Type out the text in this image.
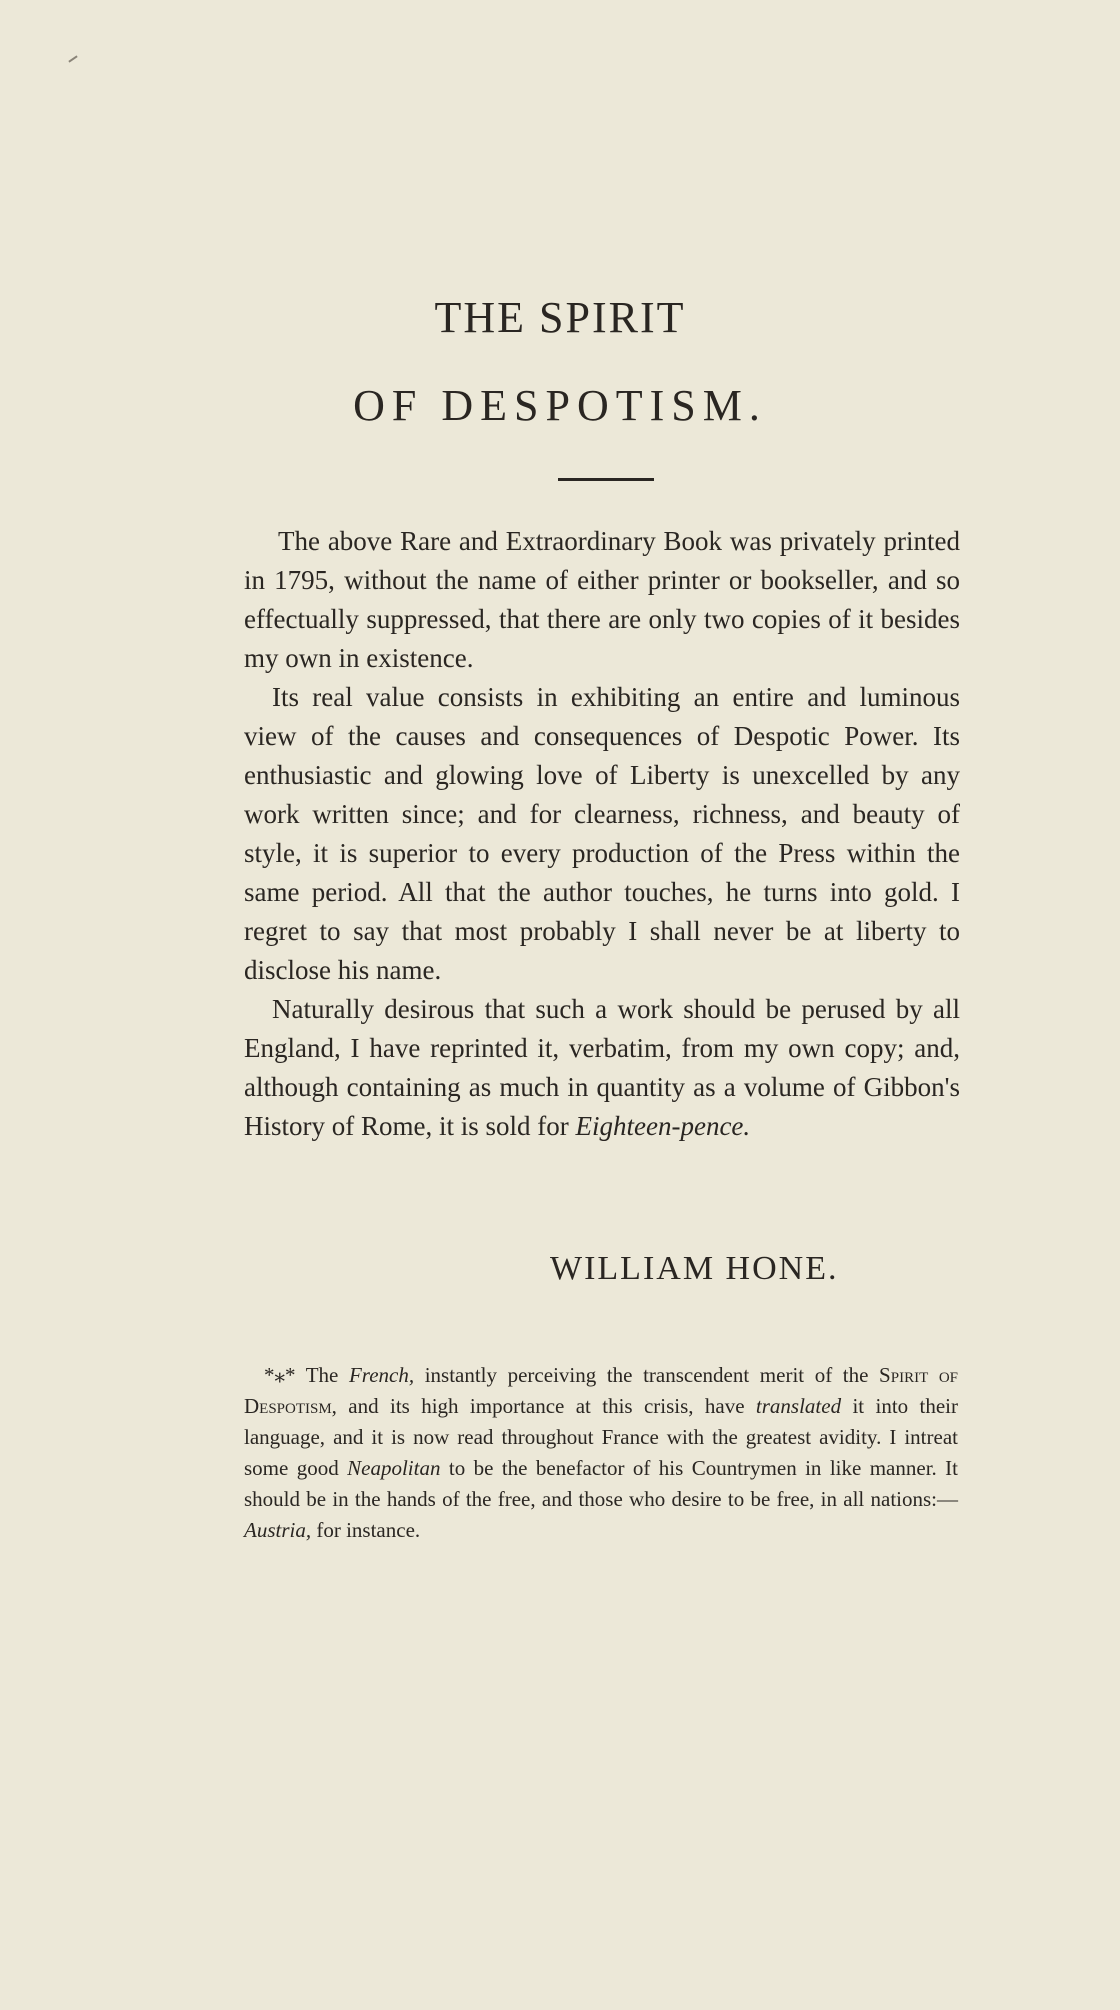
THE SPIRIT
OF DESPOTISM.

The above Rare and Extraordinary Book was privately printed in 1795, without the name of either printer or bookseller, and so effectually suppressed, that there are only two copies of it besides my own in existence.

Its real value consists in exhibiting an entire and luminous view of the causes and consequences of Despotic Power. Its enthusiastic and glowing love of Liberty is unexcelled by any work written since; and for clearness, richness, and beauty of style, it is superior to every production of the Press within the same period. All that the author touches, he turns into gold. I regret to say that most probably I shall never be at liberty to disclose his name.

Naturally desirous that such a work should be perused by all England, I have reprinted it, verbatim, from my own copy; and, although containing as much in quantity as a volume of Gibbon's History of Rome, it is sold for Eighteen-pence.

WILLIAM HONE.

*⁎* The French, instantly perceiving the transcendent merit of the Spirit of Despotism, and its high importance at this crisis, have translated it into their language, and it is now read throughout France with the greatest avidity. I intreat some good Neapolitan to be the benefactor of his Countrymen in like manner. It should be in the hands of the free, and those who desire to be free, in all nations:—Austria, for instance.
